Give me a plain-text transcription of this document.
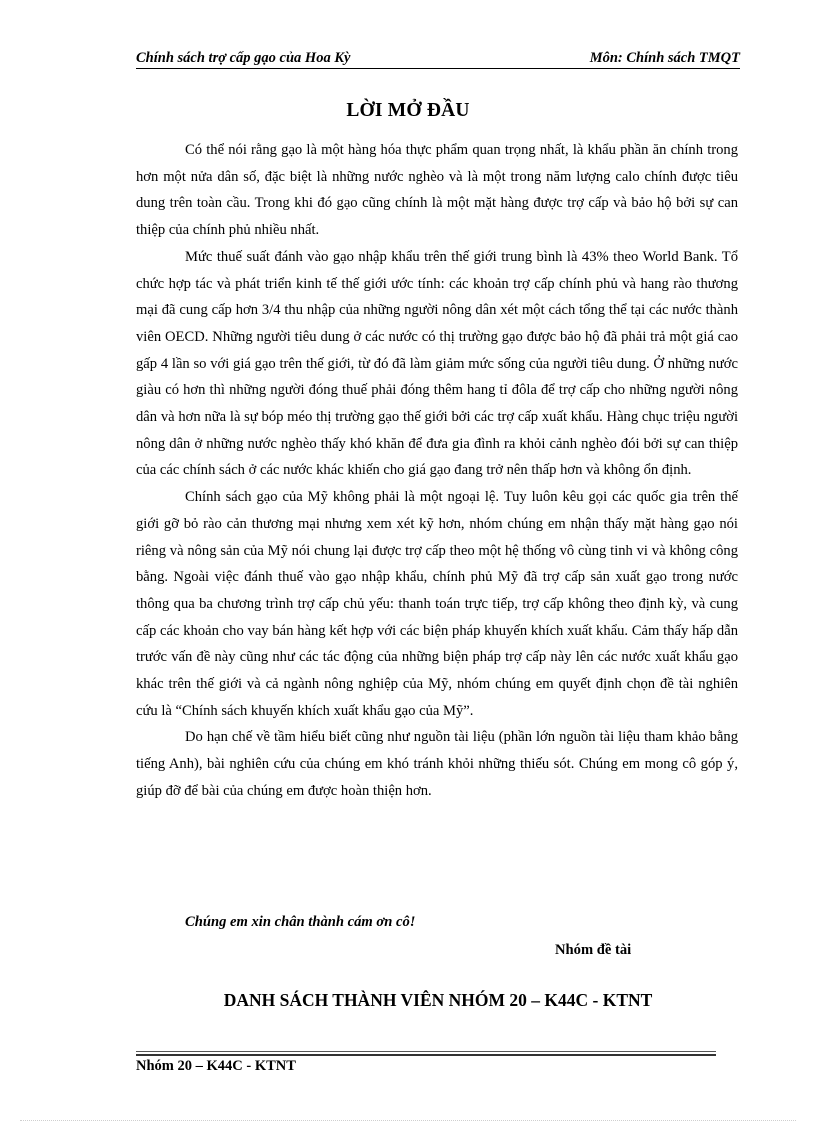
Chính sách trợ cấp gạo của Hoa Kỳ	Môn: Chính sách TMQT
LỜI MỞ ĐẦU

Có thể nói rằng gạo là một hàng hóa thực phẩm quan trọng nhất, là khẩu phần ăn chính trong hơn một nửa dân số, đặc biệt là những nước nghèo và là một trong năm lượng calo chính được tiêu dung trên toàn cầu. Trong khi đó gạo cũng chính là một mặt hàng được trợ cấp và bảo hộ bởi sự can thiệp của chính phủ nhiều nhất.

Mức thuế suất đánh vào gạo nhập khẩu trên thế giới trung bình là 43% theo World Bank. Tổ chức hợp tác và phát triển kinh tế thế giới ước tính: các khoản trợ cấp chính phủ và hang rào thương mại đã cung cấp hơn 3/4 thu nhập của những người nông dân xét một cách tổng thể tại các nước thành viên OECD. Những người tiêu dung ở các nước có thị trường gạo được bảo hộ đã phải trả một giá cao gấp 4 lần so với giá gạo trên thế giới, từ đó đã làm giảm mức sống của người tiêu dung. Ở những nước giàu có hơn thì những người đóng thuế phải đóng thêm hang tỉ đôla để trợ cấp cho những người nông dân và hơn nữa là sự bóp méo thị trường gạo thế giới bởi các trợ cấp xuất khẩu. Hàng chục triệu người nông dân ở những nước nghèo thấy khó khăn để đưa gia đình ra khỏi cảnh nghèo đói bởi sự can thiệp của các chính sách ở các nước khác khiến cho giá gạo đang trở nên thấp hơn và không ổn định.

Chính sách gạo của Mỹ không phải là một ngoại lệ. Tuy luôn kêu gọi các quốc gia trên thế giới gỡ bỏ rào cản thương mại nhưng xem xét kỹ hơn, nhóm chúng em nhận thấy mặt hàng gạo nói riêng và nông sản của Mỹ nói chung lại được trợ cấp theo một hệ thống vô cùng tinh vi và không công bằng. Ngoài việc đánh thuế vào gạo nhập khẩu, chính phủ Mỹ đã trợ cấp sản xuất gạo trong nước thông qua ba chương trình trợ cấp chủ yếu: thanh toán trực tiếp, trợ cấp không theo định kỳ, và cung cấp các khoản cho vay bán hàng kết hợp với các biện pháp khuyến khích xuất khẩu. Cảm thấy hấp dẫn trước vấn đề này cũng như các tác động của những biện pháp trợ cấp này lên các nước xuất khẩu gạo khác trên thế giới và cả ngành nông nghiệp của Mỹ, nhóm chúng em quyết định chọn đề tài nghiên cứu là “Chính sách khuyến khích xuất khẩu gạo của Mỹ”.

Do hạn chế về tầm hiểu biết cũng như nguồn tài liệu (phần lớn nguồn tài liệu tham khảo bằng tiếng Anh), bài nghiên cứu của chúng em khó tránh khỏi những thiếu sót. Chúng em mong cô góp ý, giúp đỡ để bài của chúng em được hoàn thiện hơn.

Chúng em xin chân thành cám ơn cô!
Nhóm đề tài
DANH SÁCH THÀNH VIÊN NHÓM 20 – K44C - KTNT
Nhóm 20 – K44C - KTNT
